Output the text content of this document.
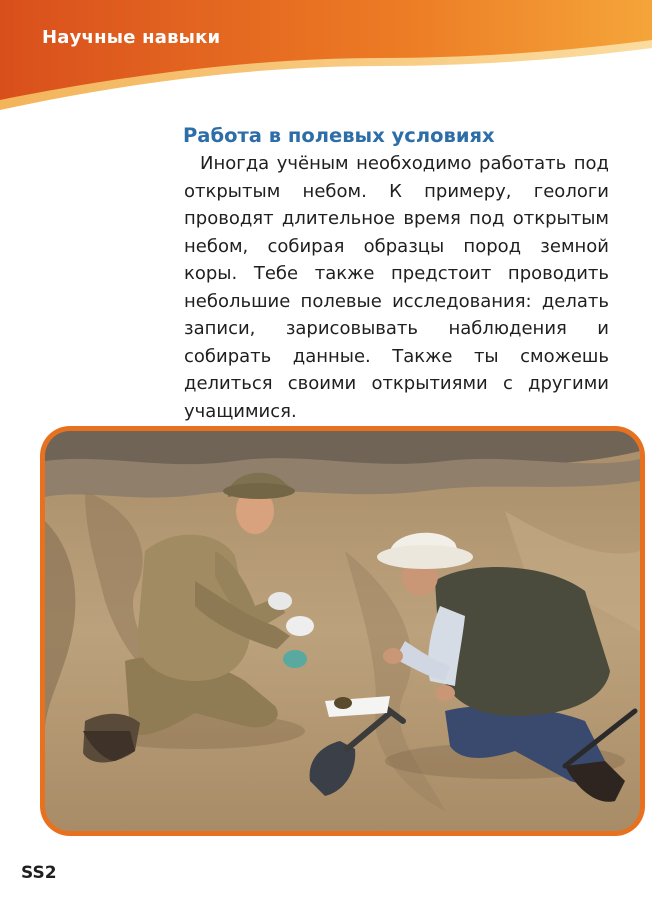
Научные навыки
Работа в полевых условиях

Иногда учёным необходимо работать под открытым небом. К примеру, геологи проводят длительное время под открытым небом, собирая образцы пород земной коры. Тебе также предстоит проводить небольшие полевые исследования: делать записи, зарисовывать наблюдения и собирать данные. Также ты сможешь делиться своими открытиями с другими учащимися.

SS2
